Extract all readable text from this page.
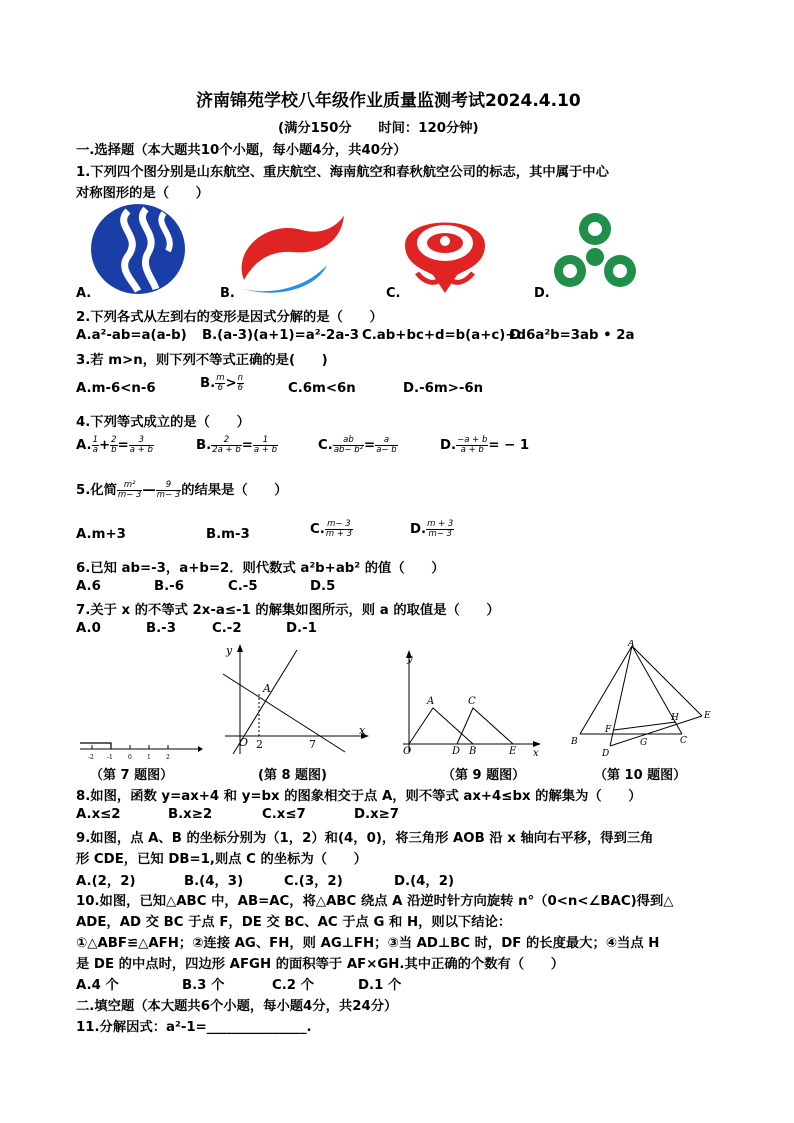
济南锦苑学校八年级作业质量监测考试2024.4.10
(满分150分　　时间：120分钟)
一.选择题（本大题共10个小题，每小题4分，共40分）
1.下列四个图分别是山东航空、重庆航空、海南航空和春秋航空公司的标志，其中属于中心
对称图形的是（　　）
A.	B.	C.	D.
2.下列各式从左到右的变形是因式分解的是（　　）
A.a²-ab=a(a-b) B.(a-3)(a+1)=a²-2a-3 C.ab+bc+d=b(a+c)+d
D.6a²b=3ab • 2a
3.若 m>n，则下列不等式正确的是(　　)
A.m-6<n-6	B. $\frac{m}{6} > \frac{n}{6}$	C.6m<6n	D.-6m>-6n
4.下列等式成立的是（　　）
A. $\frac{1}{a} + \frac{2}{b} = \frac{3}{a + b}$	B. $\frac{2}{2a + b} = \frac{1}{a + b}$	C. $\frac{ab}{\text{ab− b²}} = \frac{a}{a- b}$	D. $\frac{-a + b}{a + b}$ = − 1
5.化简 $\frac{\text{m²}}{m- 3}$ — $\frac{9}{m- 3}$ 的结果是（　　）
A.m+3	B.m-3	C. $\frac{m- 3}{m + 3}$	D. $\frac{m + 3}{m- 3}$
6.已知 ab=-3，a+b=2．则代数式 a²b+ab² 的值（　　）
A.6	B.-6	C.-5	D.5
7.关于 x 的不等式 2x-a≤-1 的解集如图所示，则 a 的取值是（　　）
A.0	B.-3	C.-2	D.-1
-2 -1	0	1	2
y
x
O
A
2	7
y
x
O
A	C
D B	E
A
B	C
D
E
F
G
H
（第 7 题图）	(第 8 题图)	（第 9 题图）	（第 10 题图）
8.如图，函数 y=ax+4 和 y=bx 的图象相交于点 A，则不等式 ax+4≤bx 的解集为（　　）
A.x≤2	B.x≥2	C.x≤7	D.x≥7
9.如图，点 A、B 的坐标分别为（1，2）和(4，0)，将三角形 AOB 沿 x 轴向右平移，得到三角
形 CDE，已知 DB=1,则点 C 的坐标为（　　）
A.(2，2)	B.(4，3)	C.(3，2)	D.(4，2)
10.如图，已知△ABC 中，AB=AC，将△ABC 绕点 A 沿逆时针方向旋转 n°（0<n<∠BAC)得到△
ADE，AD 交 BC 于点 F，DE 交 BC、AC 于点 G 和 H，则以下结论：
①△ABF≌△AFH；②连接 AG、FH，则 AG⊥FH；③当 AD⊥BC 时，DF 的长度最大；④当点 H
是 DE 的中点时，四边形 AFGH 的面积等于 AF×GH.其中正确的个数有（　　）
A.4 个	B.3 个	C.2 个	D.1 个
二.填空题（本大题共6个小题，每小题4分，共24分）
11.分解因式：a²-1=_______________.
